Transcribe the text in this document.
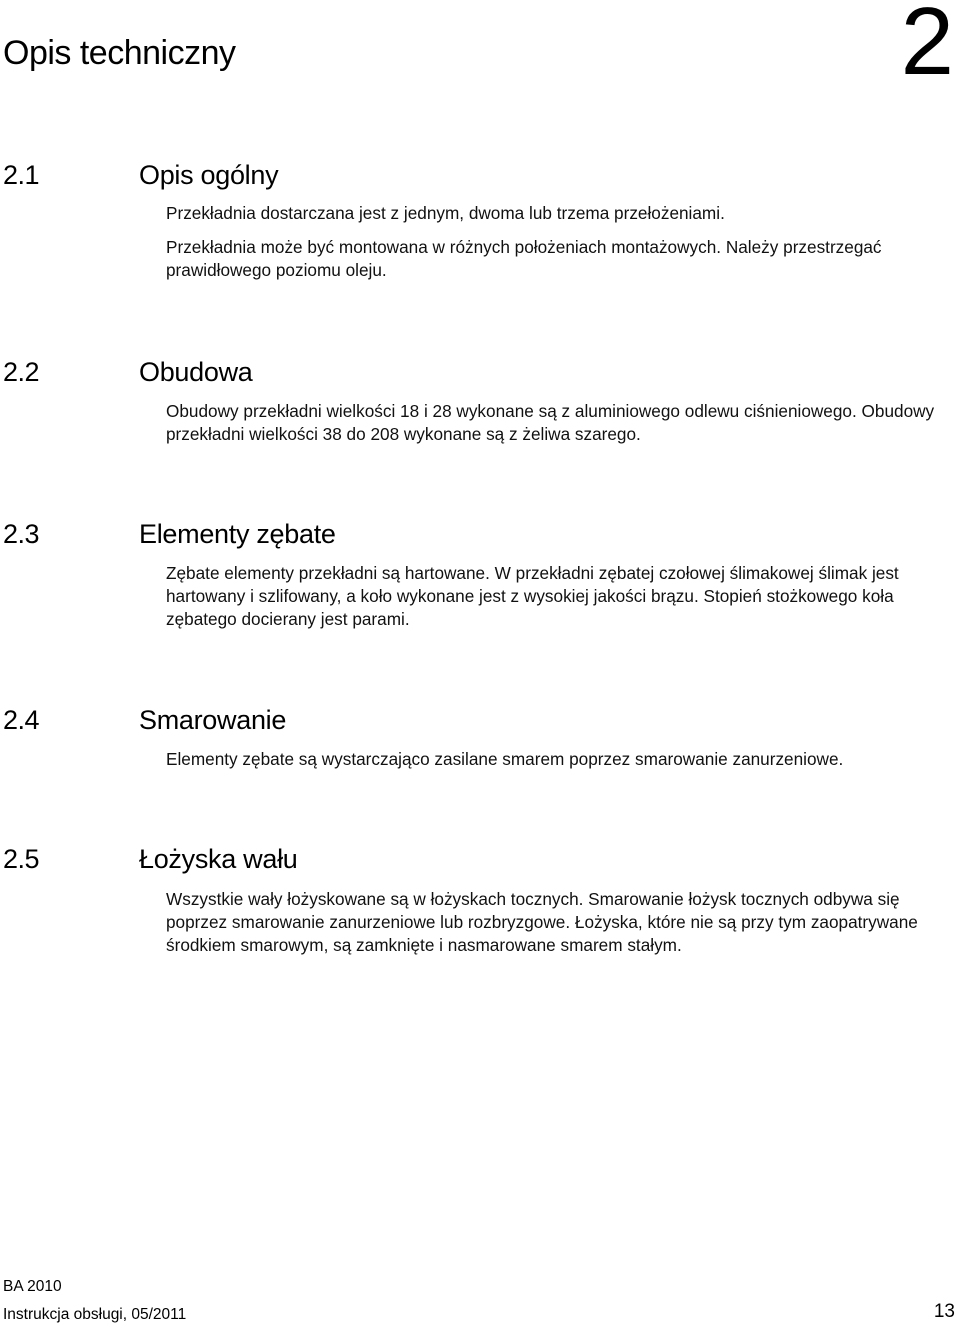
Opis techniczny	2
2.1	Opis ogólny

Przekładnia dostarczana jest z jednym, dwoma lub trzema przełożeniami.

Przekładnia może być montowana w różnych położeniach montażowych. Należy przestrzegać prawidłowego poziomu oleju.

2.2	Obudowa

Obudowy przekładni wielkości 18 i 28 wykonane są z aluminiowego odlewu ciśnieniowego. Obudowy przekładni wielkości 38 do 208 wykonane są z żeliwa szarego.

2.3	Elementy zębate

Zębate elementy przekładni są hartowane. W przekładni zębatej czołowej ślimakowej ślimak jest hartowany i szlifowany, a koło wykonane jest z wysokiej jakości brązu. Stopień stożkowego koła zębatego docierany jest parami.

2.4	Smarowanie

Elementy zębate są wystarczająco zasilane smarem poprzez smarowanie zanurzeniowe.

2.5	Łożyska wału

Wszystkie wały łożyskowane są w łożyskach tocznych. Smarowanie łożysk tocznych odbywa się poprzez smarowanie zanurzeniowe lub rozbryzgowe. Łożyska, które nie są przy tym zaopatrywane środkiem smarowym, są zamknięte i nasmarowane smarem stałym.

BA 2010
Instrukcja obsługi, 05/2011	13
